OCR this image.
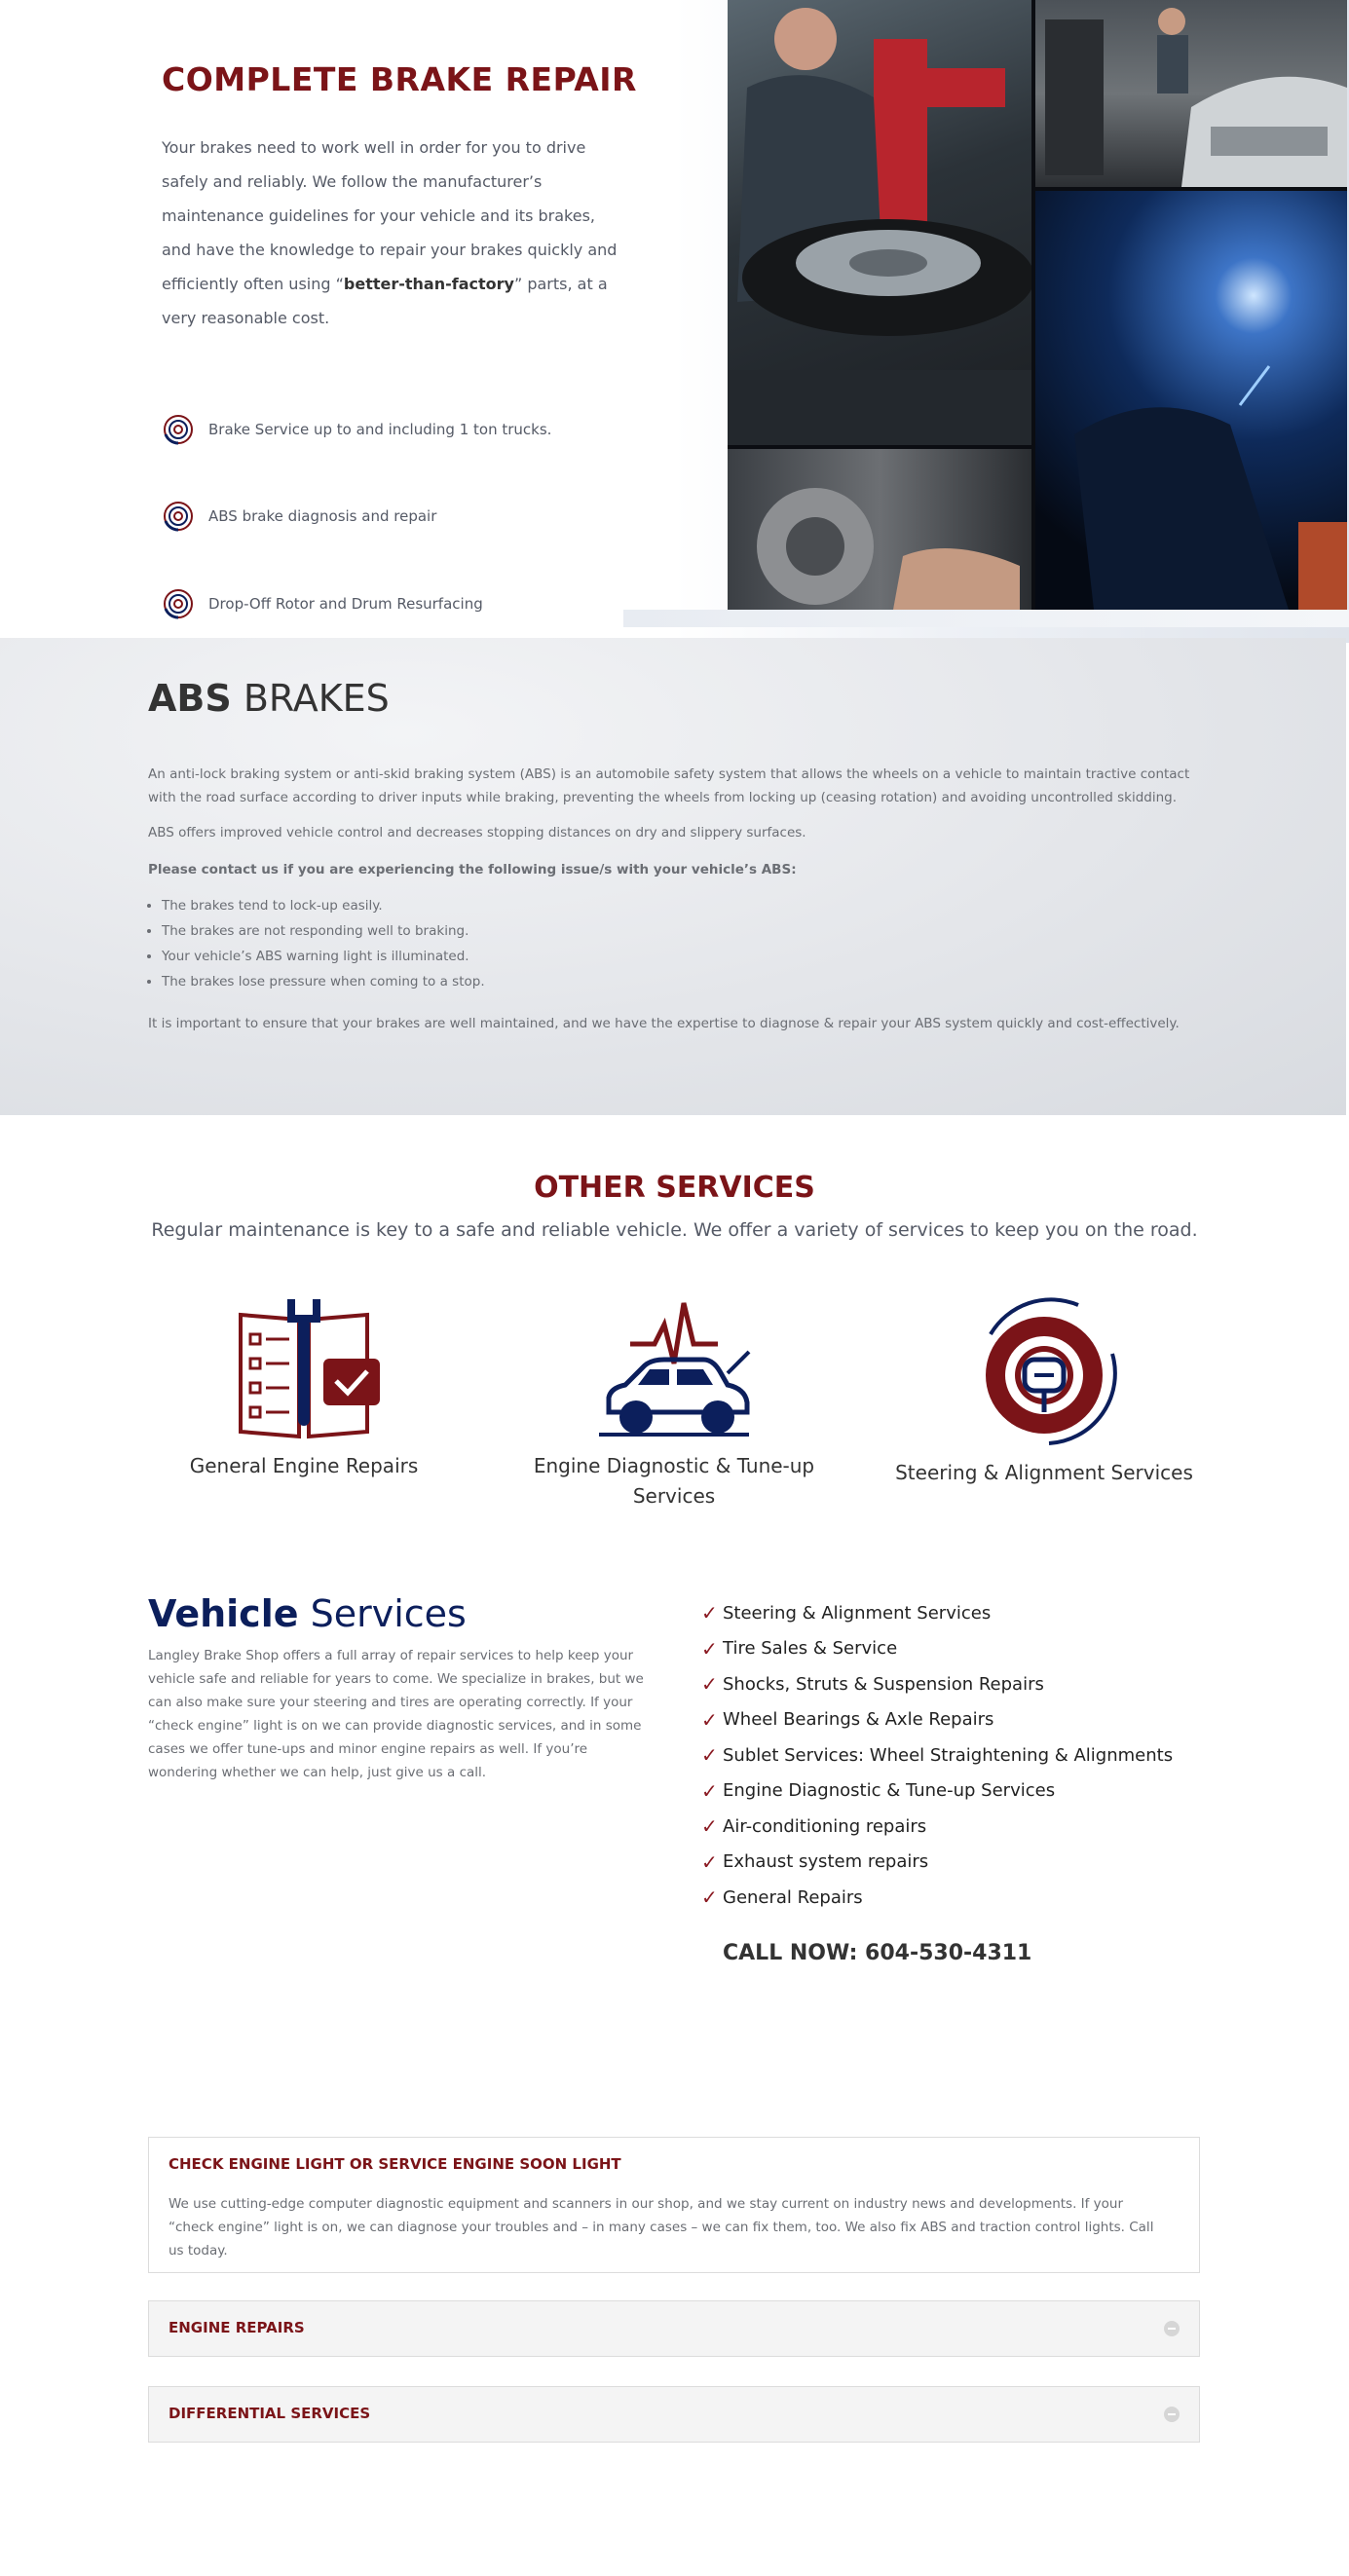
COMPLETE BRAKE REPAIR

Your brakes need to work well in order for you to drive safely and reliably. We follow the manufacturer’s maintenance guidelines for your vehicle and its brakes, and have the knowledge to repair your brakes quickly and efficiently often using “better-than-factory” parts, at a very reasonable cost.

Brake Service up to and including 1 ton trucks.
ABS brake diagnosis and repair
Drop-Off Rotor and Drum Resurfacing
ABS BRAKES

An anti-lock braking system or anti-skid braking system (ABS) is an automobile safety system that allows the wheels on a vehicle to maintain tractive contact with the road surface according to driver inputs while braking, preventing the wheels from locking up (ceasing rotation) and avoiding uncontrolled skidding.

ABS offers improved vehicle control and decreases stopping distances on dry and slippery surfaces.

Please contact us if you are experiencing the following issue/s with your vehicle’s ABS:

• The brakes tend to lock-up easily.
• The brakes are not responding well to braking.
• Your vehicle’s ABS warning light is illuminated.
• The brakes lose pressure when coming to a stop.

It is important to ensure that your brakes are well maintained, and we have the expertise to diagnose & repair your ABS system quickly and cost-effectively.

OTHER SERVICES

Regular maintenance is key to a safe and reliable vehicle. We offer a variety of services to keep you on the road.

General Engine Repairs	Engine Diagnostic & Tune-up Services
Steering & Alignment Services
Vehicle Services

Langley Brake Shop offers a full array of repair services to help keep your vehicle safe and reliable for years to come. We specialize in brakes, but we can also make sure your steering and tires are operating correctly. If your “check engine” light is on we can provide diagnostic services, and in some cases we offer tune-ups and minor engine repairs as well. If you’re wondering whether we can help, just give us a call.

✓ Steering & Alignment Services
✓ Tire Sales & Service
✓ Shocks, Struts & Suspension Repairs
✓ Wheel Bearings & Axle Repairs
✓ Sublet Services: Wheel Straightening & Alignments
✓ Engine Diagnostic & Tune-up Services
✓ Air-conditioning repairs
✓ Exhaust system repairs
✓ General Repairs

CALL NOW: 604-530-4311

CHECK ENGINE LIGHT OR SERVICE ENGINE SOON LIGHT

We use cutting-edge computer diagnostic equipment and scanners in our shop, and we stay current on industry news and developments. If your “check engine” light is on, we can diagnose your troubles and – in many cases – we can fix them, too. We also fix ABS and traction control lights. Call us today.

ENGINE REPAIRS
DIFFERENTIAL SERVICES
